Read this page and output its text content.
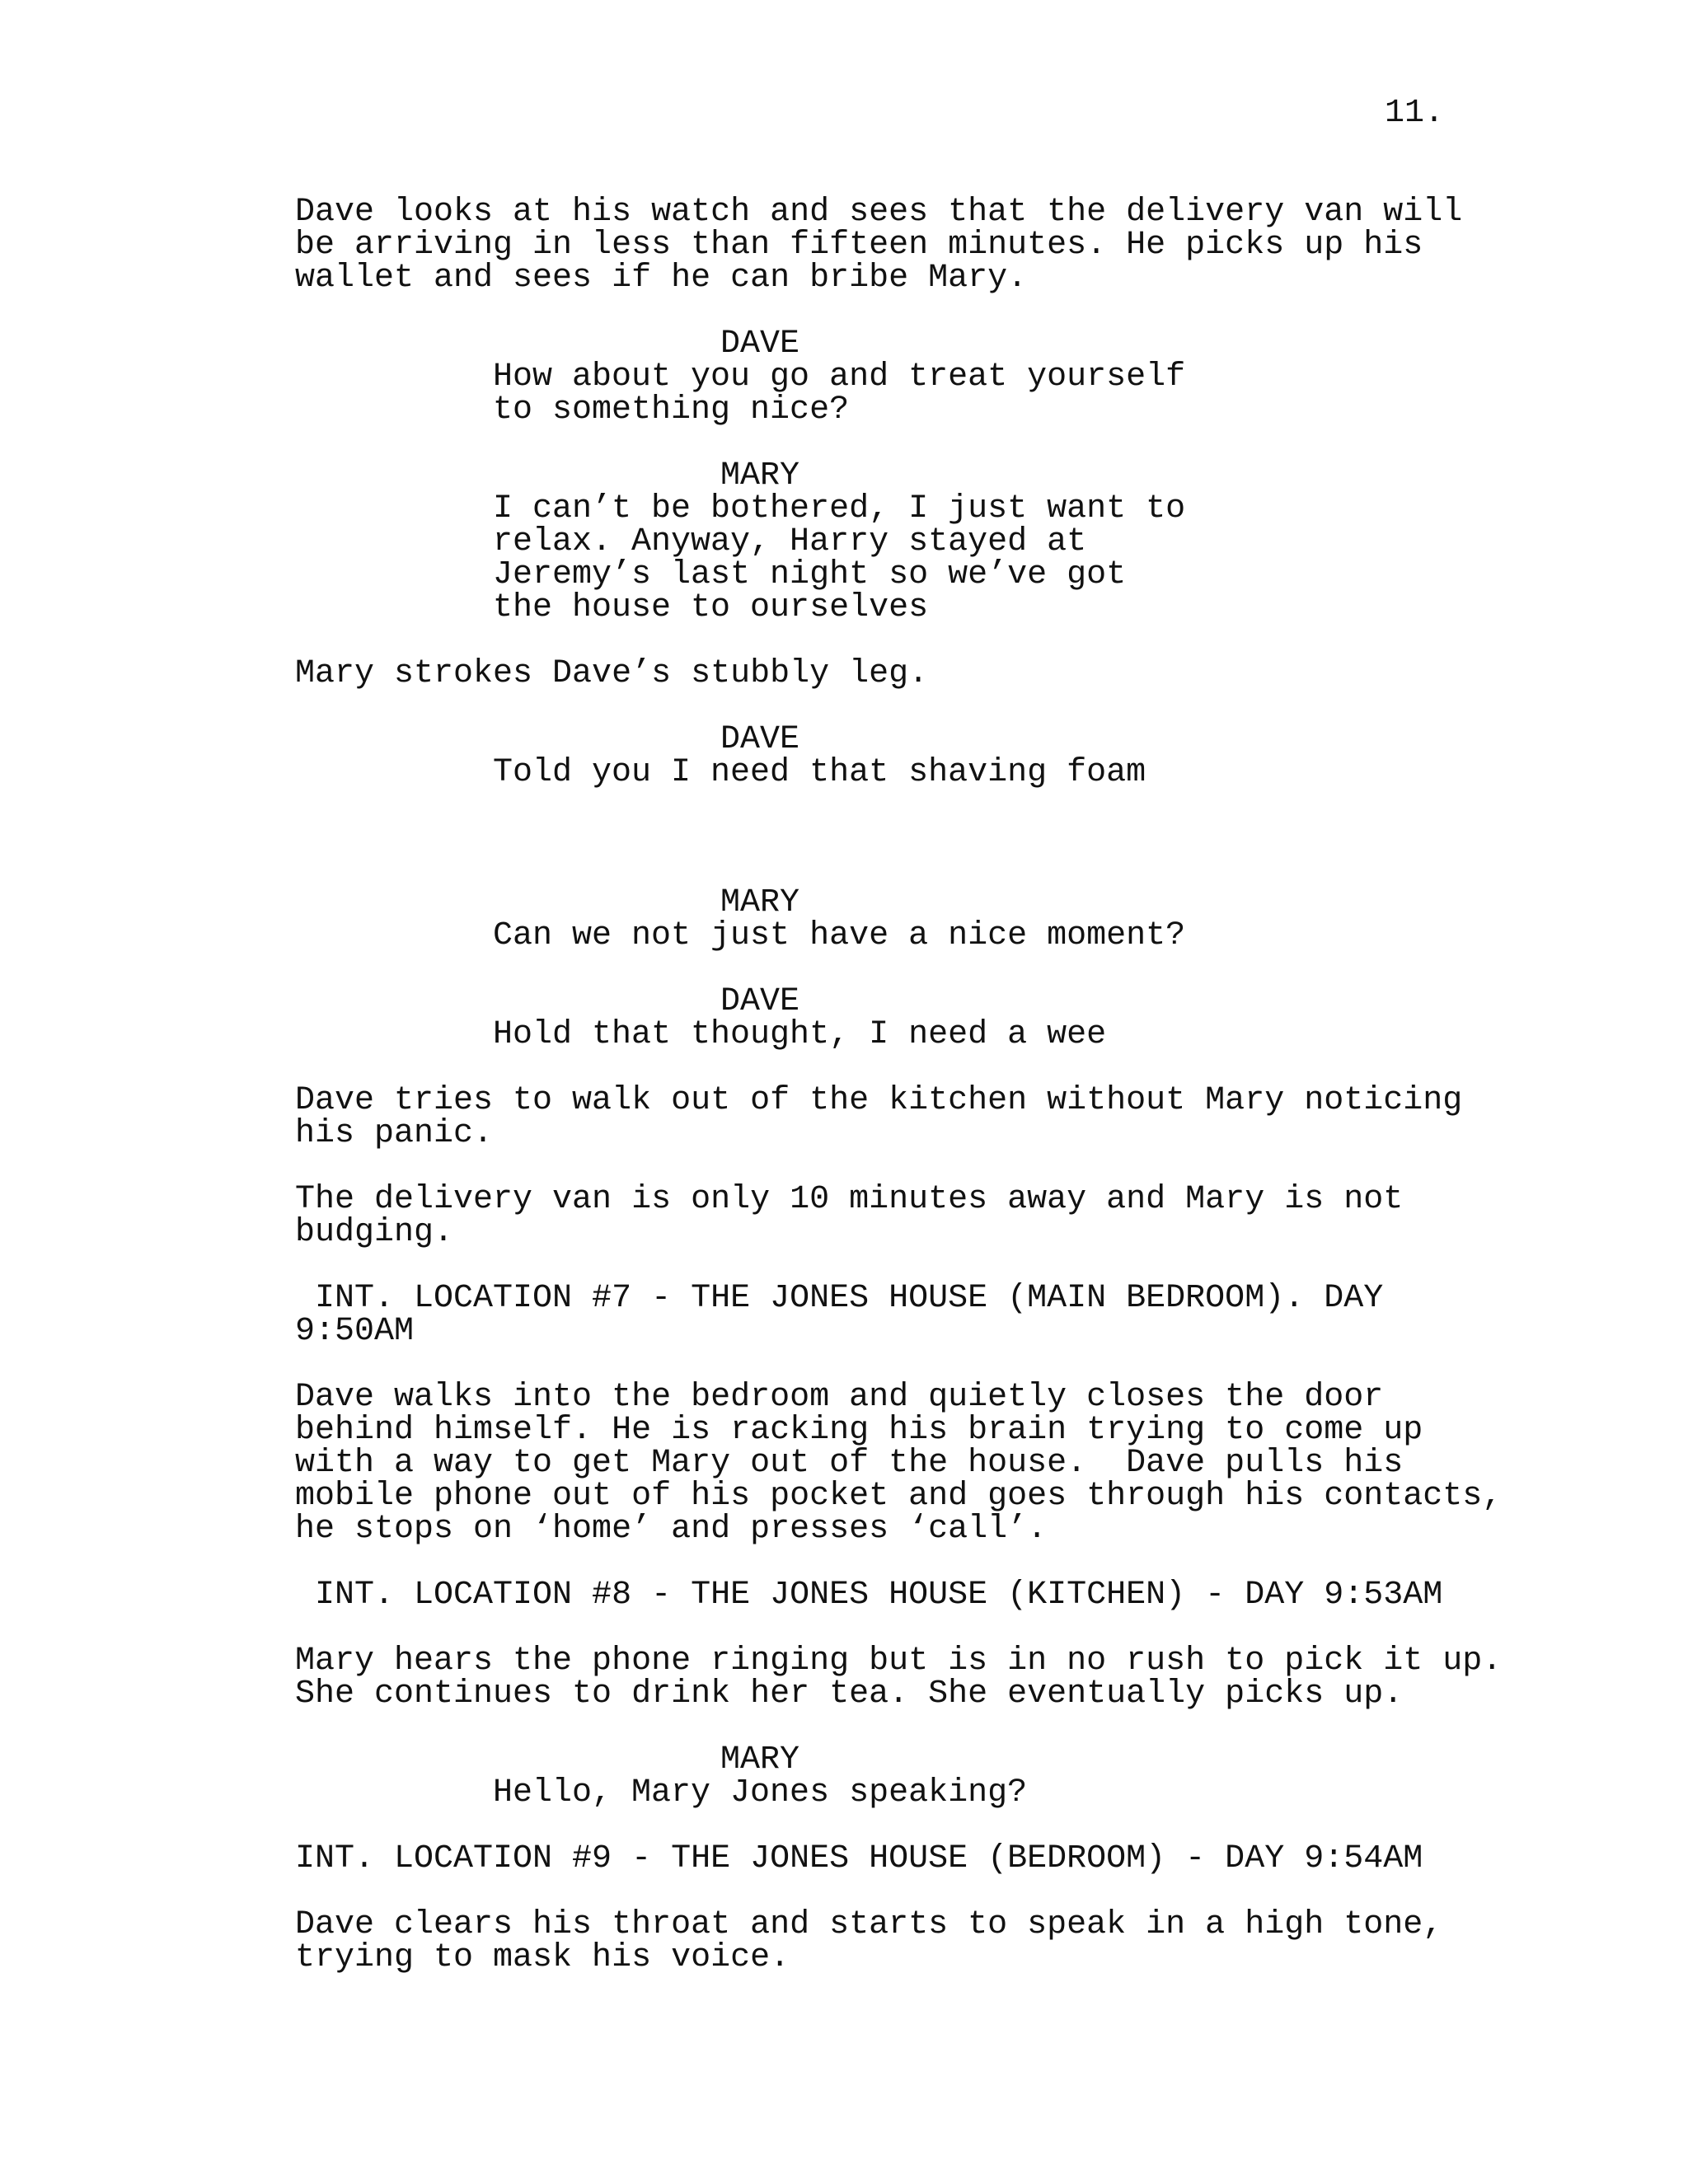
11.
Dave looks at his watch and sees that the delivery van will
be arriving in less than fifteen minutes. He picks up his
wallet and sees if he can bribe Mary.
DAVE
How about you go and treat yourself
to something nice?
MARY
I can’t be bothered, I just want to
relax. Anyway, Harry stayed at
Jeremy’s last night so we’ve got
the house to ourselves
Mary strokes Dave’s stubbly leg.
DAVE
Told you I need that shaving foam
MARY
Can we not just have a nice moment?
DAVE
Hold that thought, I need a wee
Dave tries to walk out of the kitchen without Mary noticing
his panic.
The delivery van is only 10 minutes away and Mary is not
budging.
INT. LOCATION #7 - THE JONES HOUSE (MAIN BEDROOM). DAY
9:50AM
Dave walks into the bedroom and quietly closes the door
behind himself. He is racking his brain trying to come up
with a way to get Mary out of the house.  Dave pulls his
mobile phone out of his pocket and goes through his contacts,
he stops on ‘home’ and presses ‘call’.
INT. LOCATION #8 - THE JONES HOUSE (KITCHEN) - DAY 9:53AM
Mary hears the phone ringing but is in no rush to pick it up.
She continues to drink her tea. She eventually picks up.
MARY
Hello, Mary Jones speaking?
INT. LOCATION #9 - THE JONES HOUSE (BEDROOM) - DAY 9:54AM
Dave clears his throat and starts to speak in a high tone,
trying to mask his voice.
